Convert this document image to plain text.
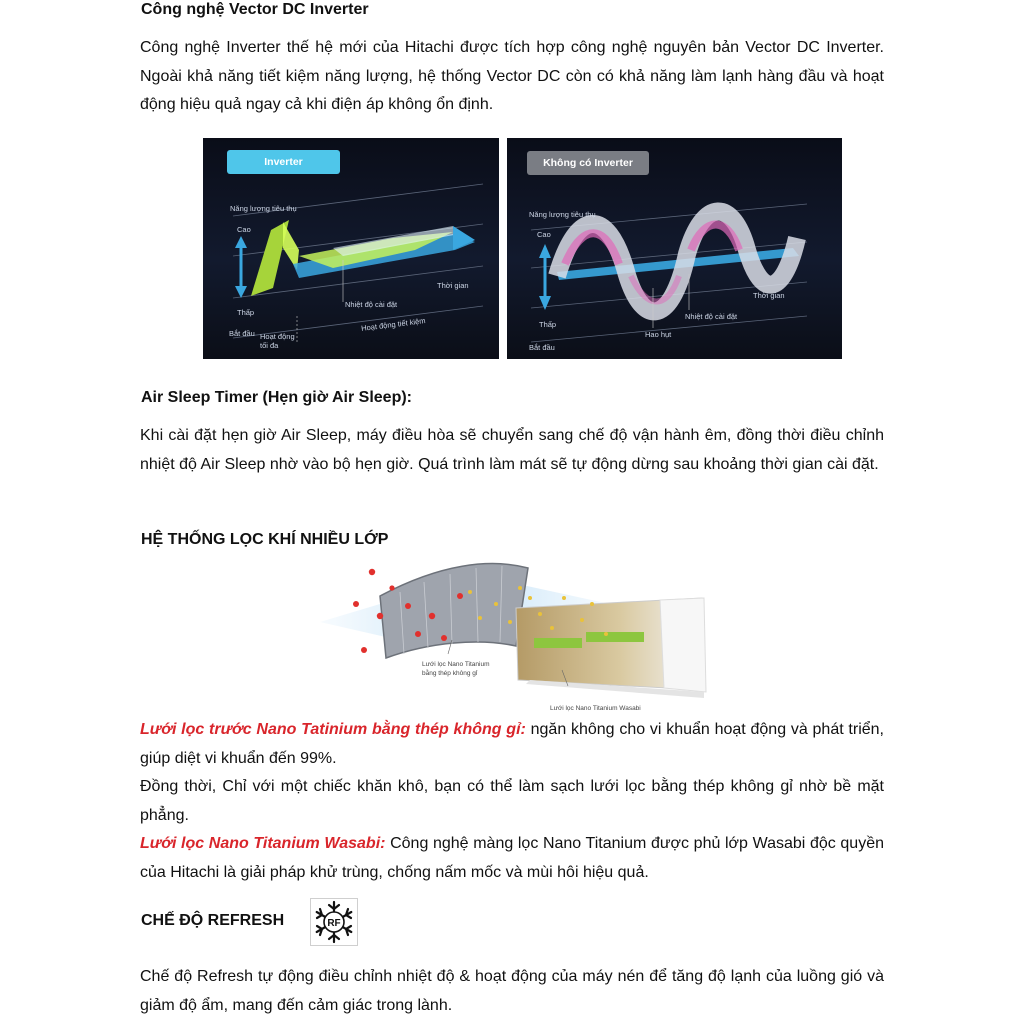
Công nghệ Vector DC Inverter
Công nghệ Inverter thế hệ mới của Hitachi được tích hợp công nghệ nguyên bản Vector DC Inverter. Ngoài khả năng tiết kiệm năng lượng, hệ thống Vector DC còn có khả năng làm lạnh hàng đầu và hoạt động hiệu quả ngay cả khi điện áp không ổn định.
Inverter
Năng lượng tiêu thụ
Cao
Thấp
Bắt đầu Hoạt động tối đa
Hoạt động tiết kiệm
Nhiệt độ cài đặt
Thời gian
Không có Inverter
Năng lượng tiêu thụ
Cao
Thấp
Bắt đầu
Hao hụt
Nhiệt độ cài đặt
Thời gian
Air Sleep Timer (Hẹn giờ Air Sleep):
Khi cài đặt hẹn giờ Air Sleep, máy điều hòa sẽ chuyển sang chế độ vận hành êm, đồng thời điều chỉnh nhiệt độ Air Sleep nhờ vào bộ hẹn giờ. Quá trình làm mát sẽ tự động dừng sau khoảng thời gian cài đặt.
HỆ THỐNG LỌC KHÍ NHIỀU LỚP
Lưới lọc Nano Titanium
bằng thép không gỉ
Lưới lọc Nano Titanium Wasabi
Lưới lọc trước Nano Tatinium bằng thép không gỉ: ngăn không cho vi khuẩn hoạt động và phát triển, giúp diệt vi khuẩn đến 99%.
Đồng thời, Chỉ với một chiếc khăn khô, bạn có thể làm sạch lưới lọc bằng thép không gỉ nhờ bề mặt phẳng.
Lưới lọc Nano Titanium Wasabi: Công nghệ màng lọc Nano Titanium được phủ lớp Wasabi độc quyền của Hitachi là giải pháp khử trùng, chống nấm mốc và mùi hôi hiệu quả.
CHẾ ĐỘ REFRESH	RF
Chế độ Refresh tự động điều chỉnh nhiệt độ & hoạt động của máy nén để tăng độ lạnh của luồng gió và giảm độ ẩm, mang đến cảm giác trong lành.
